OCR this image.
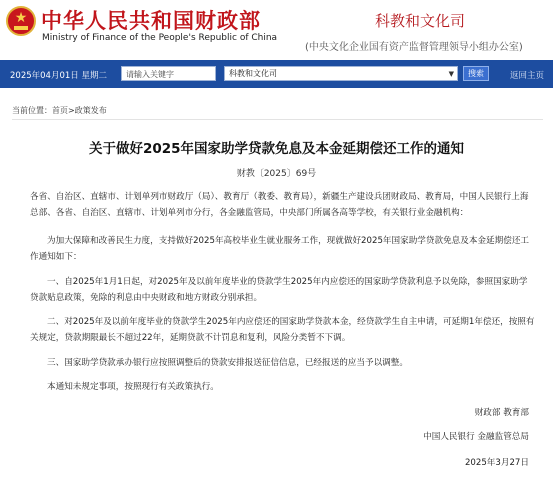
★ 中华人民共和国财政部
Ministry of Finance of the People's Republic of China
科教和文化司
(中央文化企业国有资产监督管理领导小组办公室)
2025年04月01日 星期二	请输入关键字	科教和文化司	▼	搜索	返回主页
当前位置：首页>政策发布
关于做好2025年国家助学贷款免息及本金延期偿还工作的通知
财教〔2025〕69号
各省、自治区、直辖市、计划单列市财政厅（局）、教育厅（教委、教育局），新疆生产建设兵团财政局、教育局，中国人民银行上海总部、各省、自治区、直辖市、计划单列市分行，各金融监管局，中央部门所属各高等学校，有关银行业金融机构：
为加大保障和改善民生力度，支持做好2025年高校毕业生就业服务工作，现就做好2025年国家助学贷款免息及本金延期偿还工作通知如下：
一、自2025年1月1日起，对2025年及以前年度毕业的贷款学生2025年内应偿还的国家助学贷款利息予以免除，参照国家助学贷款贴息政策，免除的利息由中央财政和地方财政分别承担。
二、对2025年及以前年度毕业的贷款学生2025年内应偿还的国家助学贷款本金，经贷款学生自主申请，可延期1年偿还，按照有关规定，贷款期限最长不超过22年，延期贷款不计罚息和复利，风险分类暂不下调。
三、国家助学贷款承办银行应按照调整后的贷款安排报送征信信息，已经报送的应当予以调整。
本通知未规定事项，按照现行有关政策执行。
财政部 教育部
中国人民银行 金融监管总局
2025年3月27日
